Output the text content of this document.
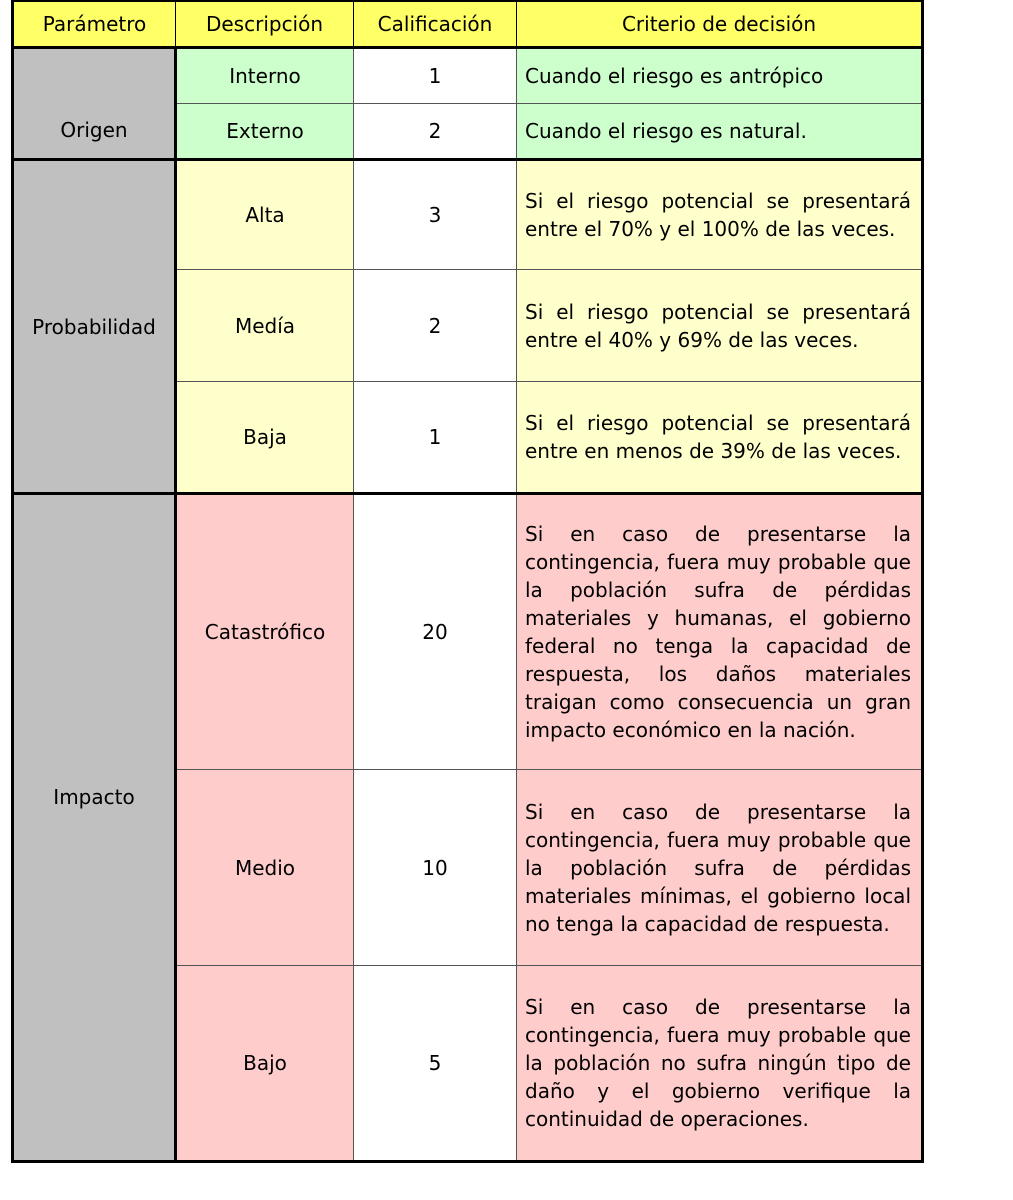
Parámetro	Descripción	Calificación	Criterio de decisión
Origen	Interno	1	Cuando el riesgo es antrópico
	Externo	2	Cuando el riesgo es natural.
Probabilidad	Alta	3	Si el riesgo potencial se presentará entre el 70% y el 100% de las veces.
	Medía	2	Si el riesgo potencial se presentará entre el 40% y 69% de las veces.
	Baja	1	Si el riesgo potencial se presentará entre en menos de 39% de las veces.
Impacto	Catastrófico	20	Si en caso de presentarse la contingencia, fuera muy probable que la población sufra de pérdidas materiales y humanas, el gobierno federal no tenga la capacidad de respuesta, los daños materiales traigan como consecuencia un gran impacto económico en la nación.
	Medio	10	Si en caso de presentarse la contingencia, fuera muy probable que la población sufra de pérdidas materiales mínimas, el gobierno local no tenga la capacidad de respuesta.
	Bajo	5	Si en caso de presentarse la contingencia, fuera muy probable que la población no sufra ningún tipo de daño y el gobierno verifique la continuidad de operaciones.
